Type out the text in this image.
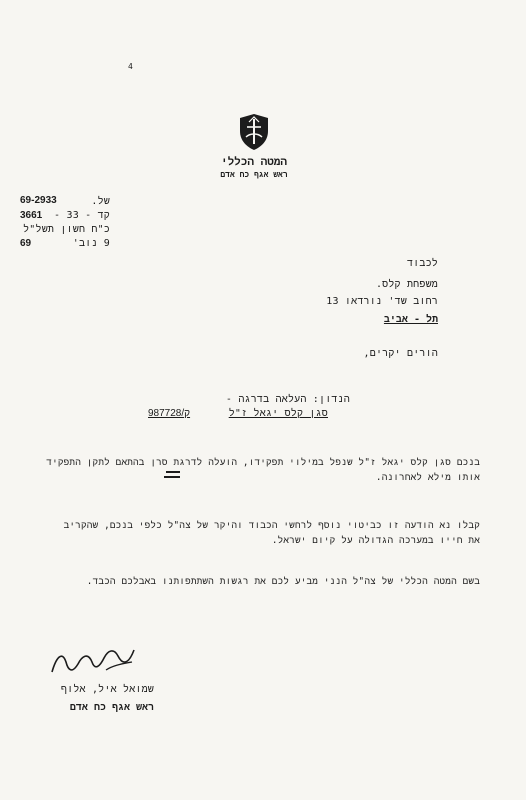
4
המטה הכללי
ראש אגף כח אדם
69-2933
3661
69
של.
קד - 33 -
כ"ח חשון תשל"ל
9 נוב'
לכבוד
משפחת קלס.
רחוב שד' נורדאו 13
תל - אביב
הורים יקרים,
הנדון: העלאה בדרגה -
סגן קלס יגאל ז"ל
987728/ק
בנכם סגן קלס יגאל ז"ל שנפל במילוי תפקידו, הועלה לדרגת סרן בהתאם לתקן התפקיד
אותו מילא לאחרונה.
קבלו נא הודעה זו כביטוי נוסף לרחשי הכבוד והיקר של צה"ל כלפי בנכם, שהקריב
את חייו במערכה הגדולה על קיום ישראל.
בשם המטה הכללי של צה"ל הנני מביע לכם את רגשות השתתפותנו באבלכם הכבד.
שמואל איל, אלוף
ראש אגף כח אדם
